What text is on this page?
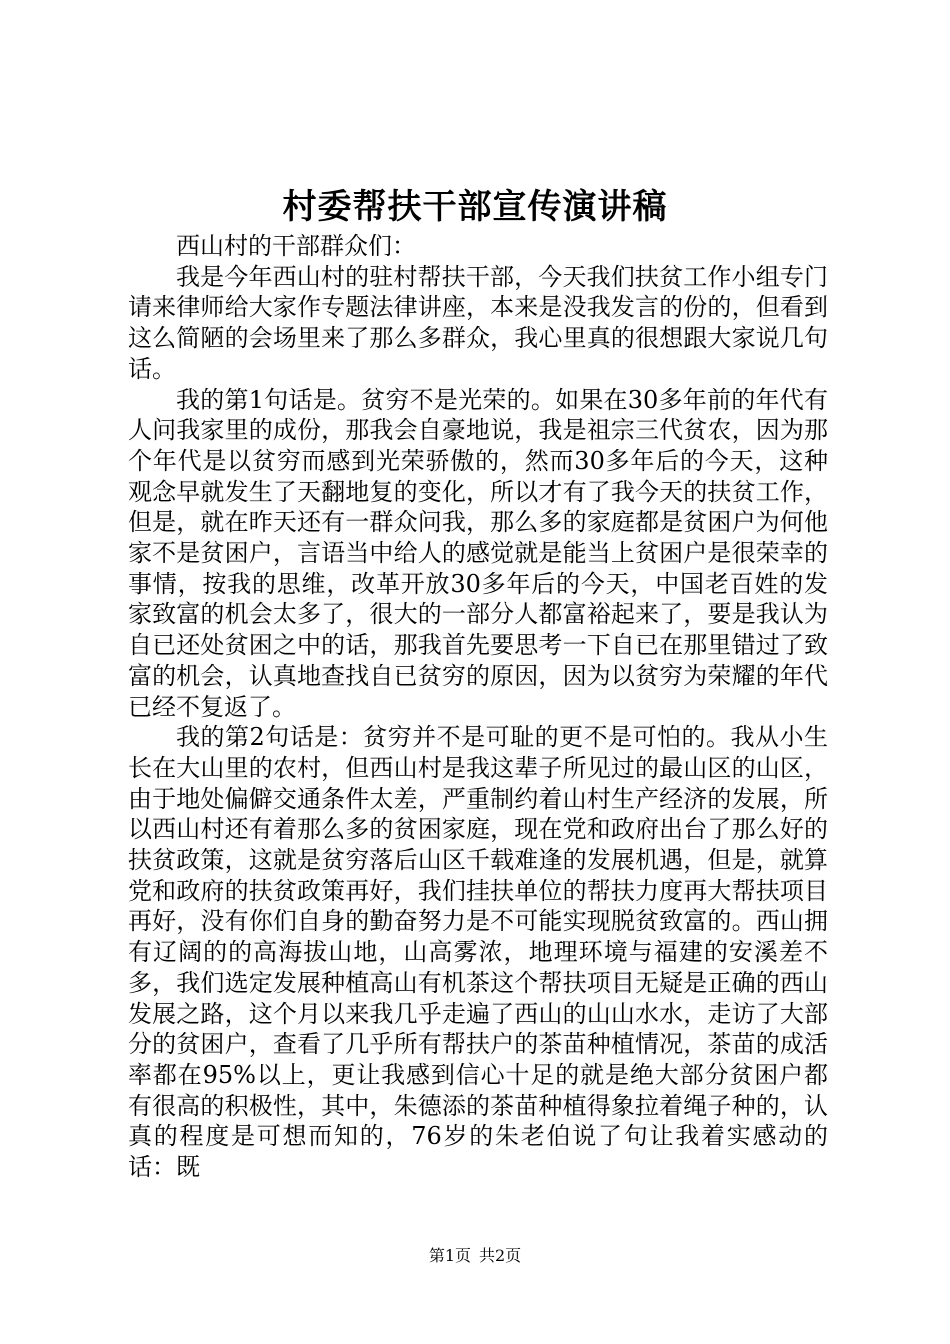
村委帮扶干部宣传演讲稿

西山村的干部群众们：

我是今年西山村的驻村帮扶干部，今天我们扶贫工作小组专门请来律师给大家作专题法律讲座，本来是没我发言的份的，但看到这么简陋的会场里来了那么多群众，我心里真的很想跟大家说几句话。

我的第1句话是。贫穷不是光荣的。如果在30多年前的年代有人问我家里的成份，那我会自豪地说，我是祖宗三代贫农，因为那个年代是以贫穷而感到光荣骄傲的，然而30多年后的今天，这种观念早就发生了天翻地复的变化，所以才有了我今天的扶贫工作，但是，就在昨天还有一群众问我，那么多的家庭都是贫困户为何他家不是贫困户，言语当中给人的感觉就是能当上贫困户是很荣幸的事情，按我的思维，改革开放30多年后的今天，中国老百姓的发家致富的机会太多了，很大的一部分人都富裕起来了，要是我认为自已还处贫困之中的话，那我首先要思考一下自已在那里错过了致富的机会，认真地查找自已贫穷的原因，因为以贫穷为荣耀的年代已经不复返了。

我的第2句话是：贫穷并不是可耻的更不是可怕的。我从小生长在大山里的农村，但西山村是我这辈子所见过的最山区的山区，由于地处偏僻交通条件太差，严重制约着山村生产经济的发展，所以西山村还有着那么多的贫困家庭，现在党和政府出台了那么好的扶贫政策，这就是贫穷落后山区千载难逢的发展机遇，但是，就算党和政府的扶贫政策再好，我们挂扶单位的帮扶力度再大帮扶项目再好，没有你们自身的勤奋努力是不可能实现脱贫致富的。西山拥有辽阔的的高海拔山地，山高雾浓，地理环境与福建的安溪差不多，我们选定发展种植高山有机茶这个帮扶项目无疑是正确的西山发展之路，这个月以来我几乎走遍了西山的山山水水，走访了大部分的贫困户，查看了几乎所有帮扶户的茶苗种植情况，茶苗的成活率都在95%以上，更让我感到信心十足的就是绝大部分贫困户都有很高的积极性，其中，朱德添的茶苗种植得象拉着绳子种的，认真的程度是可想而知的，76岁的朱老伯说了句让我着实感动的话：既

第1页 共2页
